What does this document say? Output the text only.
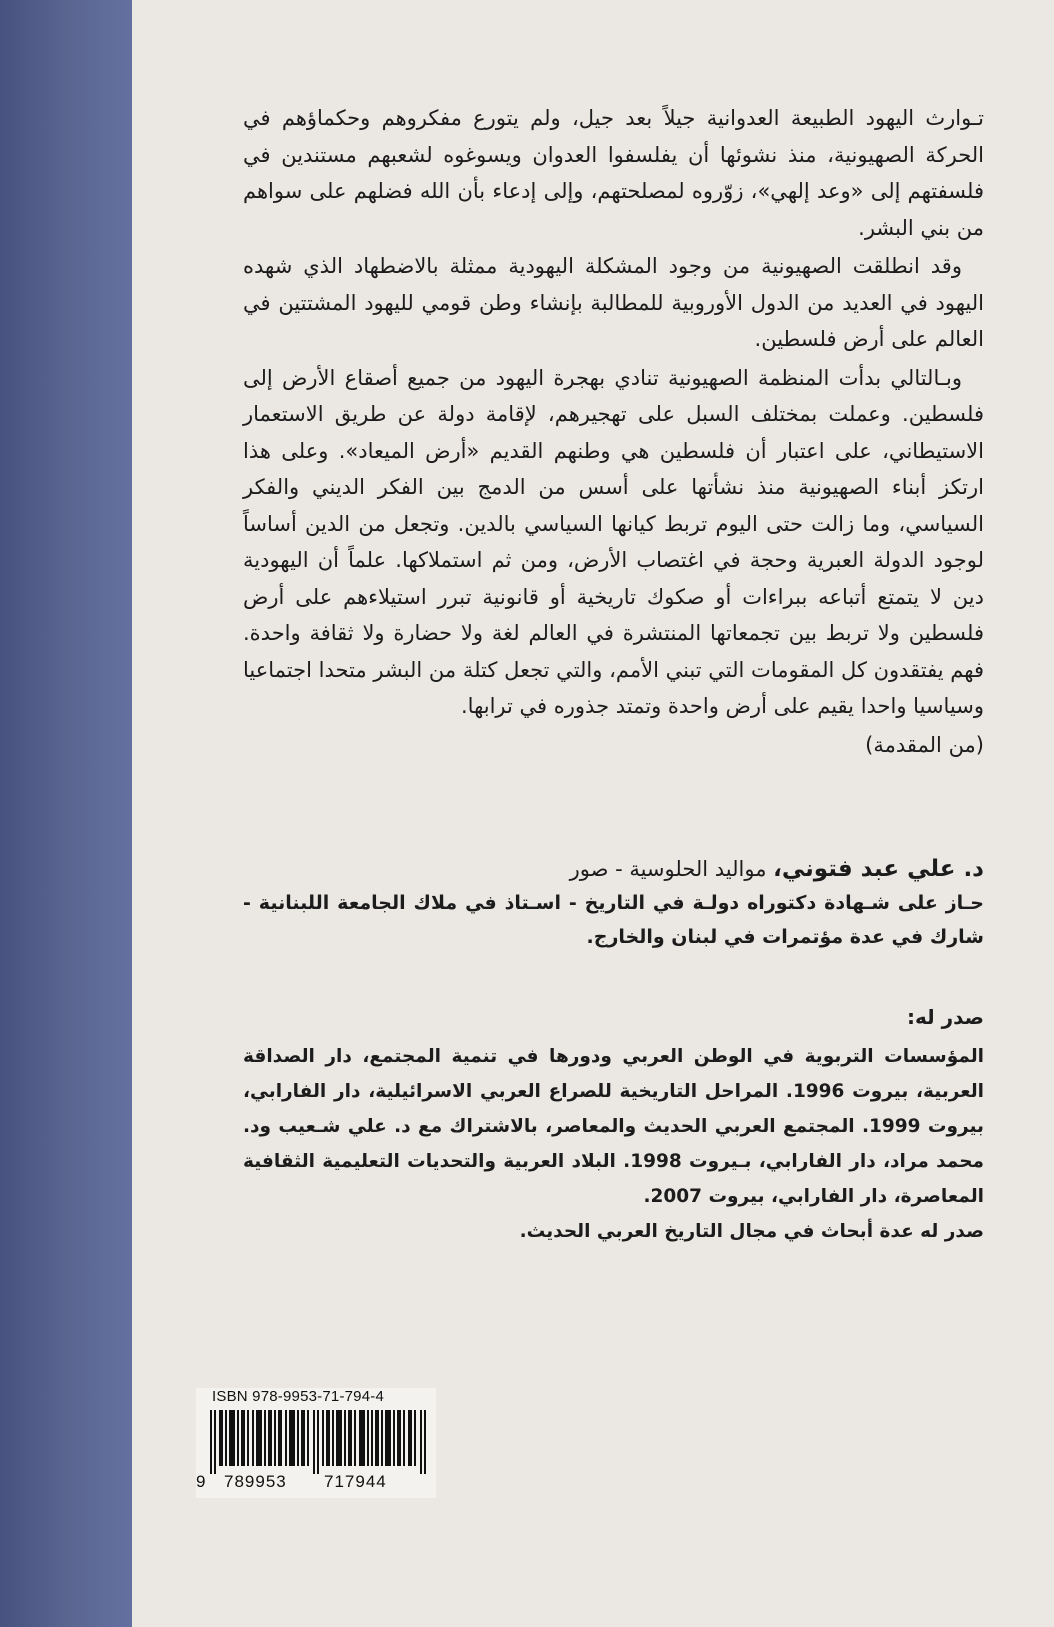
تـوارث اليهود الطبيعة العدوانية جيلاً بعد جيل، ولم يتورع مفكروهم وحكماؤهم في الحركة الصهيونية، منذ نشوئها أن يفلسفوا العدوان ويسوغوه لشعبهم مستندين في فلسفتهم إلى «وعد إلهي»، زوّروه لمصلحتهم، وإلى إدعاء بأن الله فضلهم على سواهم من بني البشر.

وقد انطلقت الصهيونية من وجود المشكلة اليهودية ممثلة بالاضطهاد الذي شهده اليهود في العديد من الدول الأوروبية للمطالبة بإنشاء وطن قومي لليهود المشتتين في العالم على أرض فلسطين.

وبـالتالي بدأت المنظمة الصهيونية تنادي بهجرة اليهود من جميع أصقاع الأرض إلى فلسطين. وعملت بمختلف السبل على تهجيرهم، لإقامة دولة عن طريق الاستعمار الاستيطاني، على اعتبار أن فلسطين هي وطنهم القديم «أرض الميعاد». وعلى هذا ارتكز أبناء الصهيونية منذ نشأتها على أسس من الدمج بين الفكر الديني والفكر السياسي، وما زالت حتى اليوم تربط كيانها السياسي بالدين. وتجعل من الدين أساساً لوجود الدولة العبرية وحجة في اغتصاب الأرض، ومن ثم استملاكها. علماً أن اليهودية دين لا يتمتع أتباعه ببراءات أو صكوك تاريخية أو قانونية تبرر استيلاءهم على أرض فلسطين ولا تربط بين تجمعاتها المنتشرة في العالم لغة ولا حضارة ولا ثقافة واحدة. فهم يفتقدون كل المقومات التي تبني الأمم، والتي تجعل كتلة من البشر متحدا اجتماعيا وسياسيا واحدا يقيم على أرض واحدة وتمتد جذوره في ترابها.

(من المقدمة)

د. علي عبد فتوني، مواليد الحلوسية - صور

حـاز على شـهادة دكتوراه دولـة في التاريخ - اسـتاذ في ملاك الجامعة اللبنانية - شارك في عدة مؤتمرات في لبنان والخارج.

صدر له:

المؤسسات التربوية في الوطن العربي ودورها في تنمية المجتمع، دار الصداقة العربية، بيروت 1996. المراحل التاريخية للصراع العربي الاسرائيلية، دار الفارابي، بيروت 1999. المجتمع العربي الحديث والمعاصر، بالاشتراك مع د. علي شـعيب ود. محمد مراد، دار الفارابي، بـيروت 1998. البلاد العربية والتحديات التعليمية الثقافية المعاصرة، دار الفارابي، بيروت 2007.

صدر له عدة أبحاث في مجال التاريخ العربي الحديث.

ISBN 978-9953-71-794-4
9 789953 717944
